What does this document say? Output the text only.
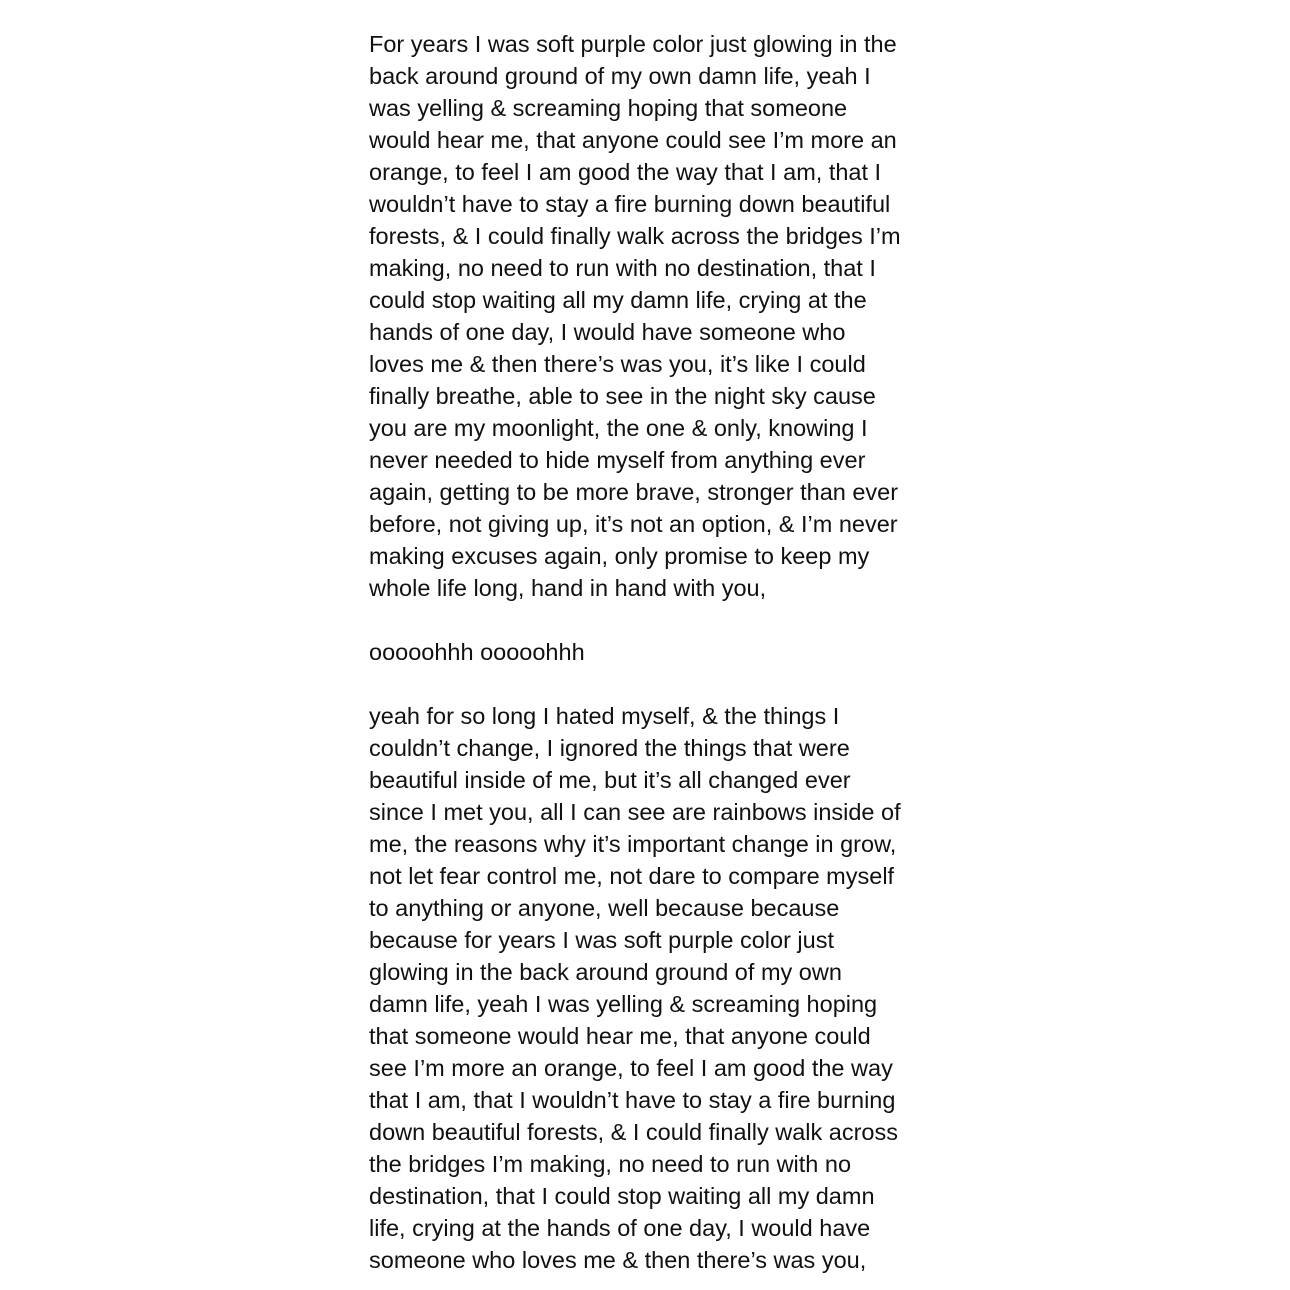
For years I was soft purple color just glowing in the
back around ground of my own damn life, yeah I
was yelling & screaming hoping that someone
would hear me, that anyone could see I’m more an
orange, to feel I am good the way that I am, that I
wouldn’t have to stay a fire burning down beautiful
forests, & I could finally walk across the bridges I’m
making, no need to run with no destination, that I
could stop waiting all my damn life, crying at the
hands of one day, I would have someone who
loves me & then there’s was you, it’s like I could
finally breathe, able to see in the night sky cause
you are my moonlight, the one & only, knowing I
never needed to hide myself from anything ever
again, getting to be more brave, stronger than ever
before, not giving up, it’s not an option, & I’m never
making excuses again, only promise to keep my
whole life long, hand in hand with you,
ooooohhh ooooohhh
yeah for so long I hated myself, & the things I
couldn’t change, I ignored the things that were
beautiful inside of me, but it’s all changed ever
since I met you, all I can see are rainbows inside of
me, the reasons why it’s important change in grow,
not let fear control me, not dare to compare myself
to anything or anyone, well because because
because for years I was soft purple color just
glowing in the back around ground of my own
damn life, yeah I was yelling & screaming hoping
that someone would hear me, that anyone could
see I’m more an orange, to feel I am good the way
that I am, that I wouldn’t have to stay a fire burning
down beautiful forests, & I could finally walk across
the bridges I’m making, no need to run with no
destination, that I could stop waiting all my damn
life, crying at the hands of one day, I would have
someone who loves me & then there’s was you,
